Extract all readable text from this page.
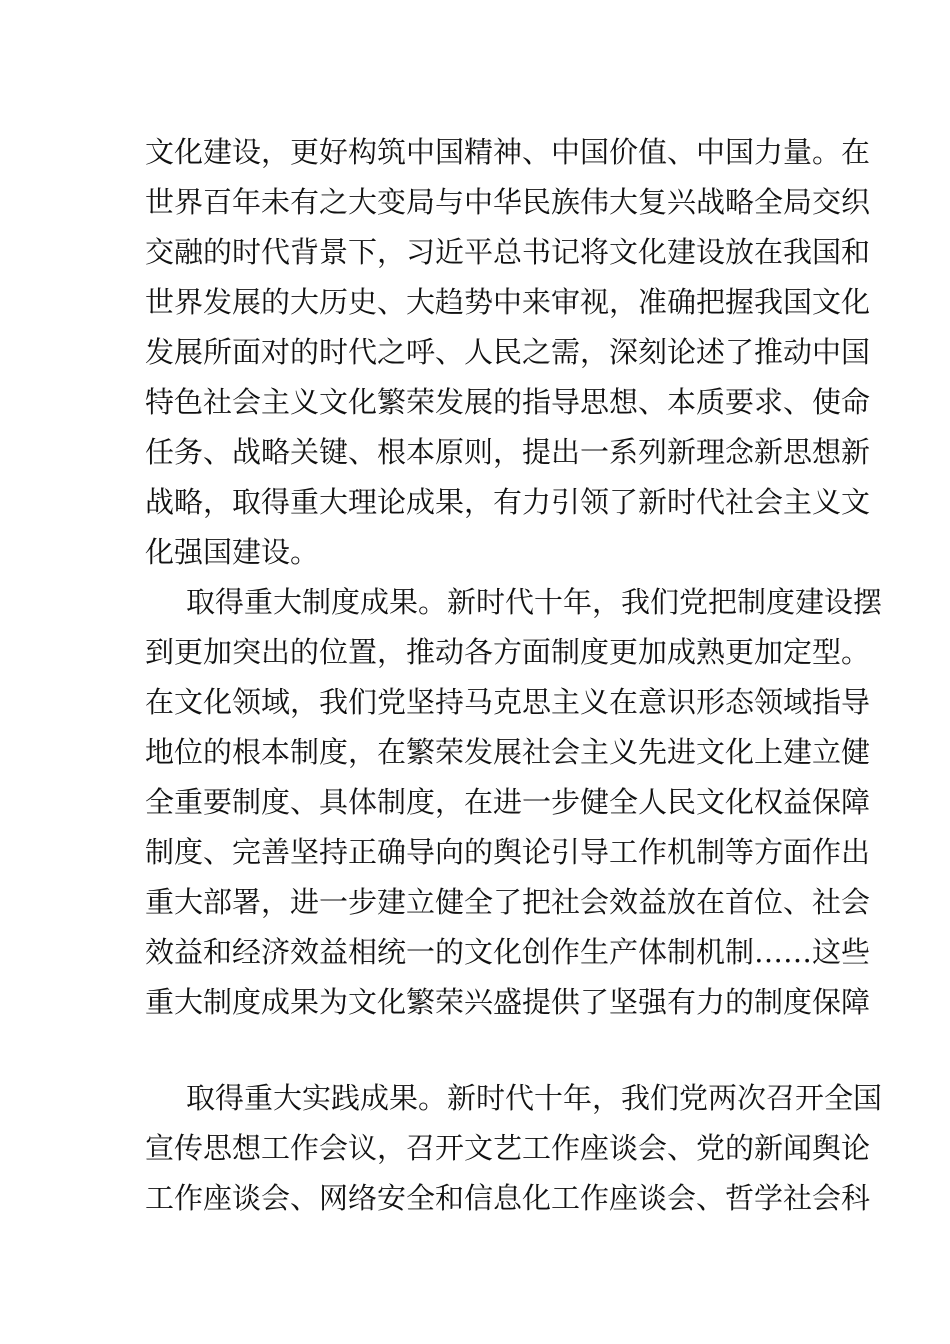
文化建设，更好构筑中国精神、中国价值、中国力量。在
世界百年未有之大变局与中华民族伟大复兴战略全局交织
交融的时代背景下，习近平总书记将文化建设放在我国和
世界发展的大历史、大趋势中来审视，准确把握我国文化
发展所面对的时代之呼、人民之需，深刻论述了推动中国
特色社会主义文化繁荣发展的指导思想、本质要求、使命
任务、战略关键、根本原则，提出一系列新理念新思想新
战略，取得重大理论成果，有力引领了新时代社会主义文
化强国建设。
取得重大制度成果。新时代十年，我们党把制度建设摆
到更加突出的位置，推动各方面制度更加成熟更加定型。
在文化领域，我们党坚持马克思主义在意识形态领域指导
地位的根本制度，在繁荣发展社会主义先进文化上建立健
全重要制度、具体制度，在进一步健全人民文化权益保障
制度、完善坚持正确导向的舆论引导工作机制等方面作出
重大部署，进一步建立健全了把社会效益放在首位、社会
效益和经济效益相统一的文化创作生产体制机制……这些
重大制度成果为文化繁荣兴盛提供了坚强有力的制度保障
取得重大实践成果。新时代十年，我们党两次召开全国
宣传思想工作会议，召开文艺工作座谈会、党的新闻舆论
工作座谈会、网络安全和信息化工作座谈会、哲学社会科
